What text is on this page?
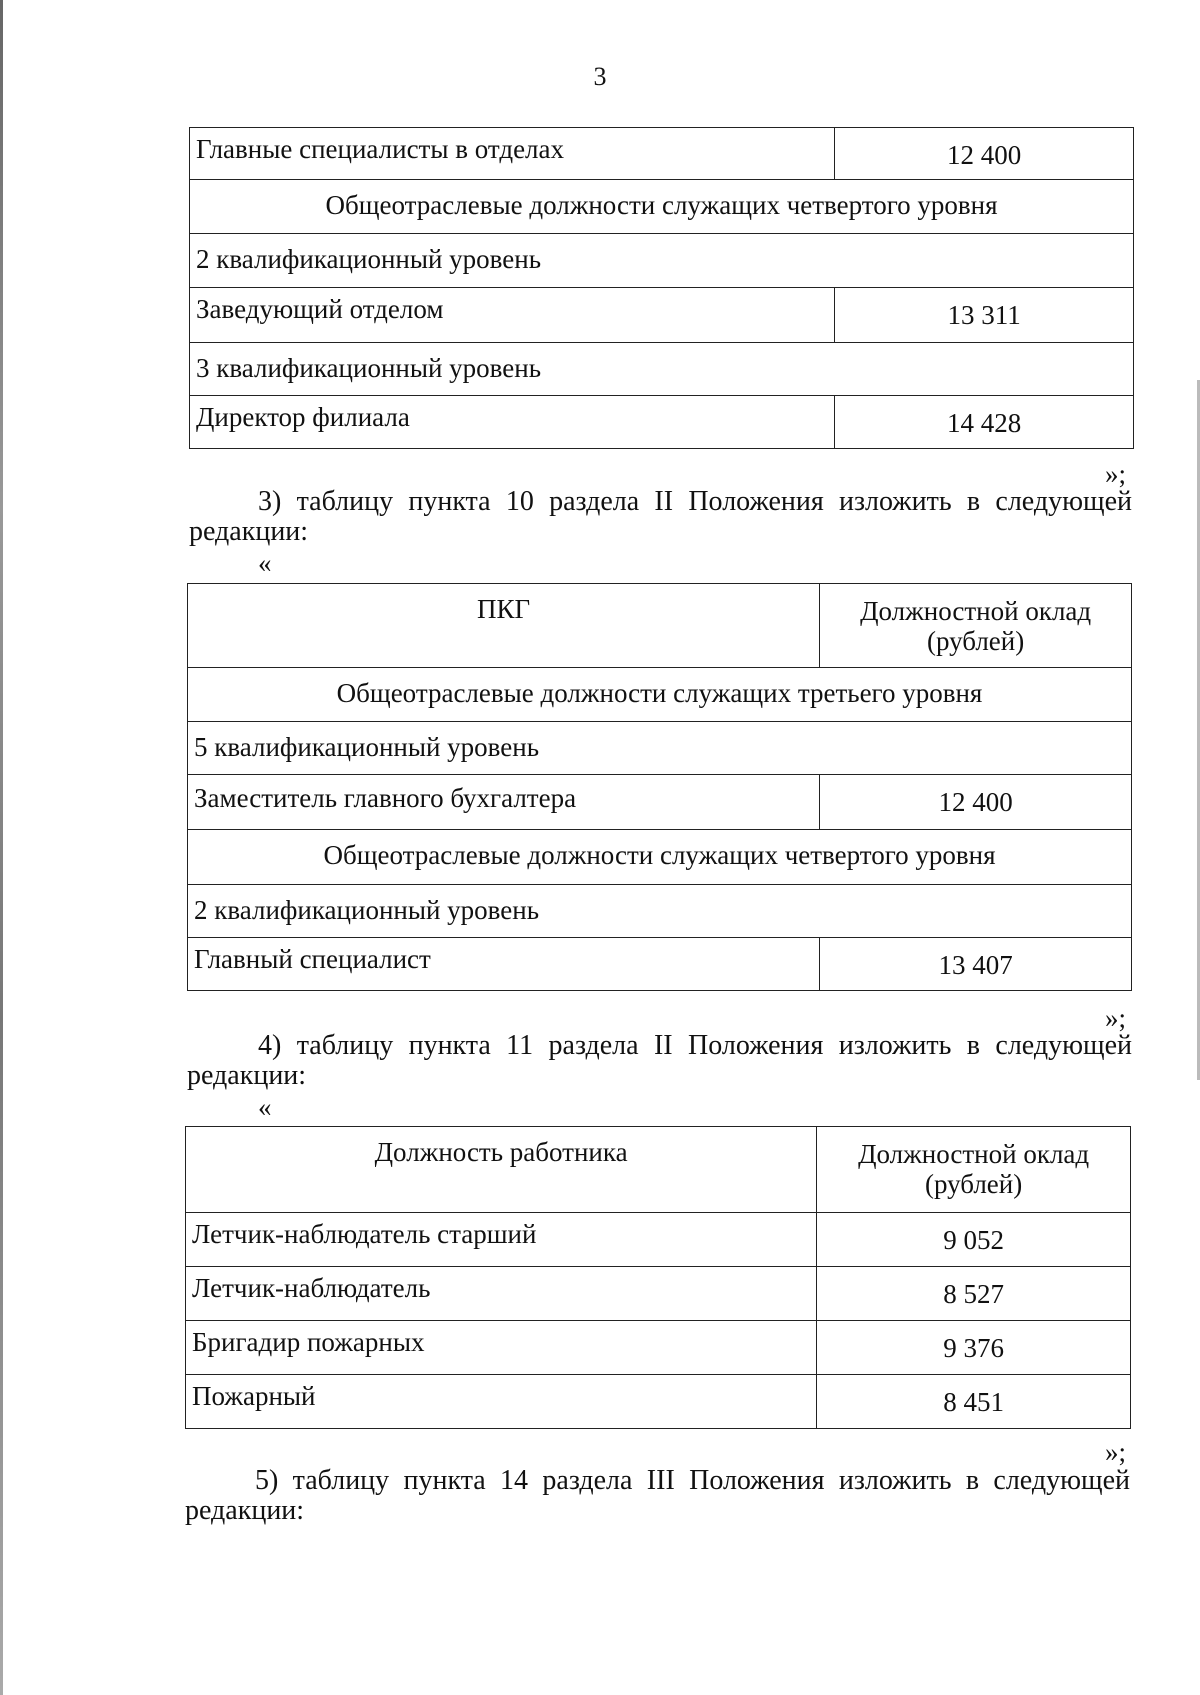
3
Главные специалисты в отделах	12 400
Общеотраслевые должности служащих четвертого уровня	
2 квалификационный уровень	
Заведующий отделом	13 311
3 квалификационный уровень	
Директор филиала	14 428
»;
3) таблицу пункта 10 раздела II Положения изложить в следующей
редакции:
«
ПКГ	Должностной оклад
(рублей)

Общеотраслевые должности служащих третьего уровня	
5 квалификационный уровень	
Заместитель главного бухгалтера	12 400
Общеотраслевые должности служащих четвертого уровня	
2 квалификационный уровень	
Главный специалист	13 407
»;
4) таблицу пункта 11 раздела II Положения изложить в следующей
редакции:
«
Должность работника	Должностной оклад
(рублей)

Летчик-наблюдатель старший	9 052
Летчик-наблюдатель	8 527
Бригадир пожарных	9 376
Пожарный	8 451
»;
5) таблицу пункта 14 раздела III Положения изложить в следующей
редакции:
